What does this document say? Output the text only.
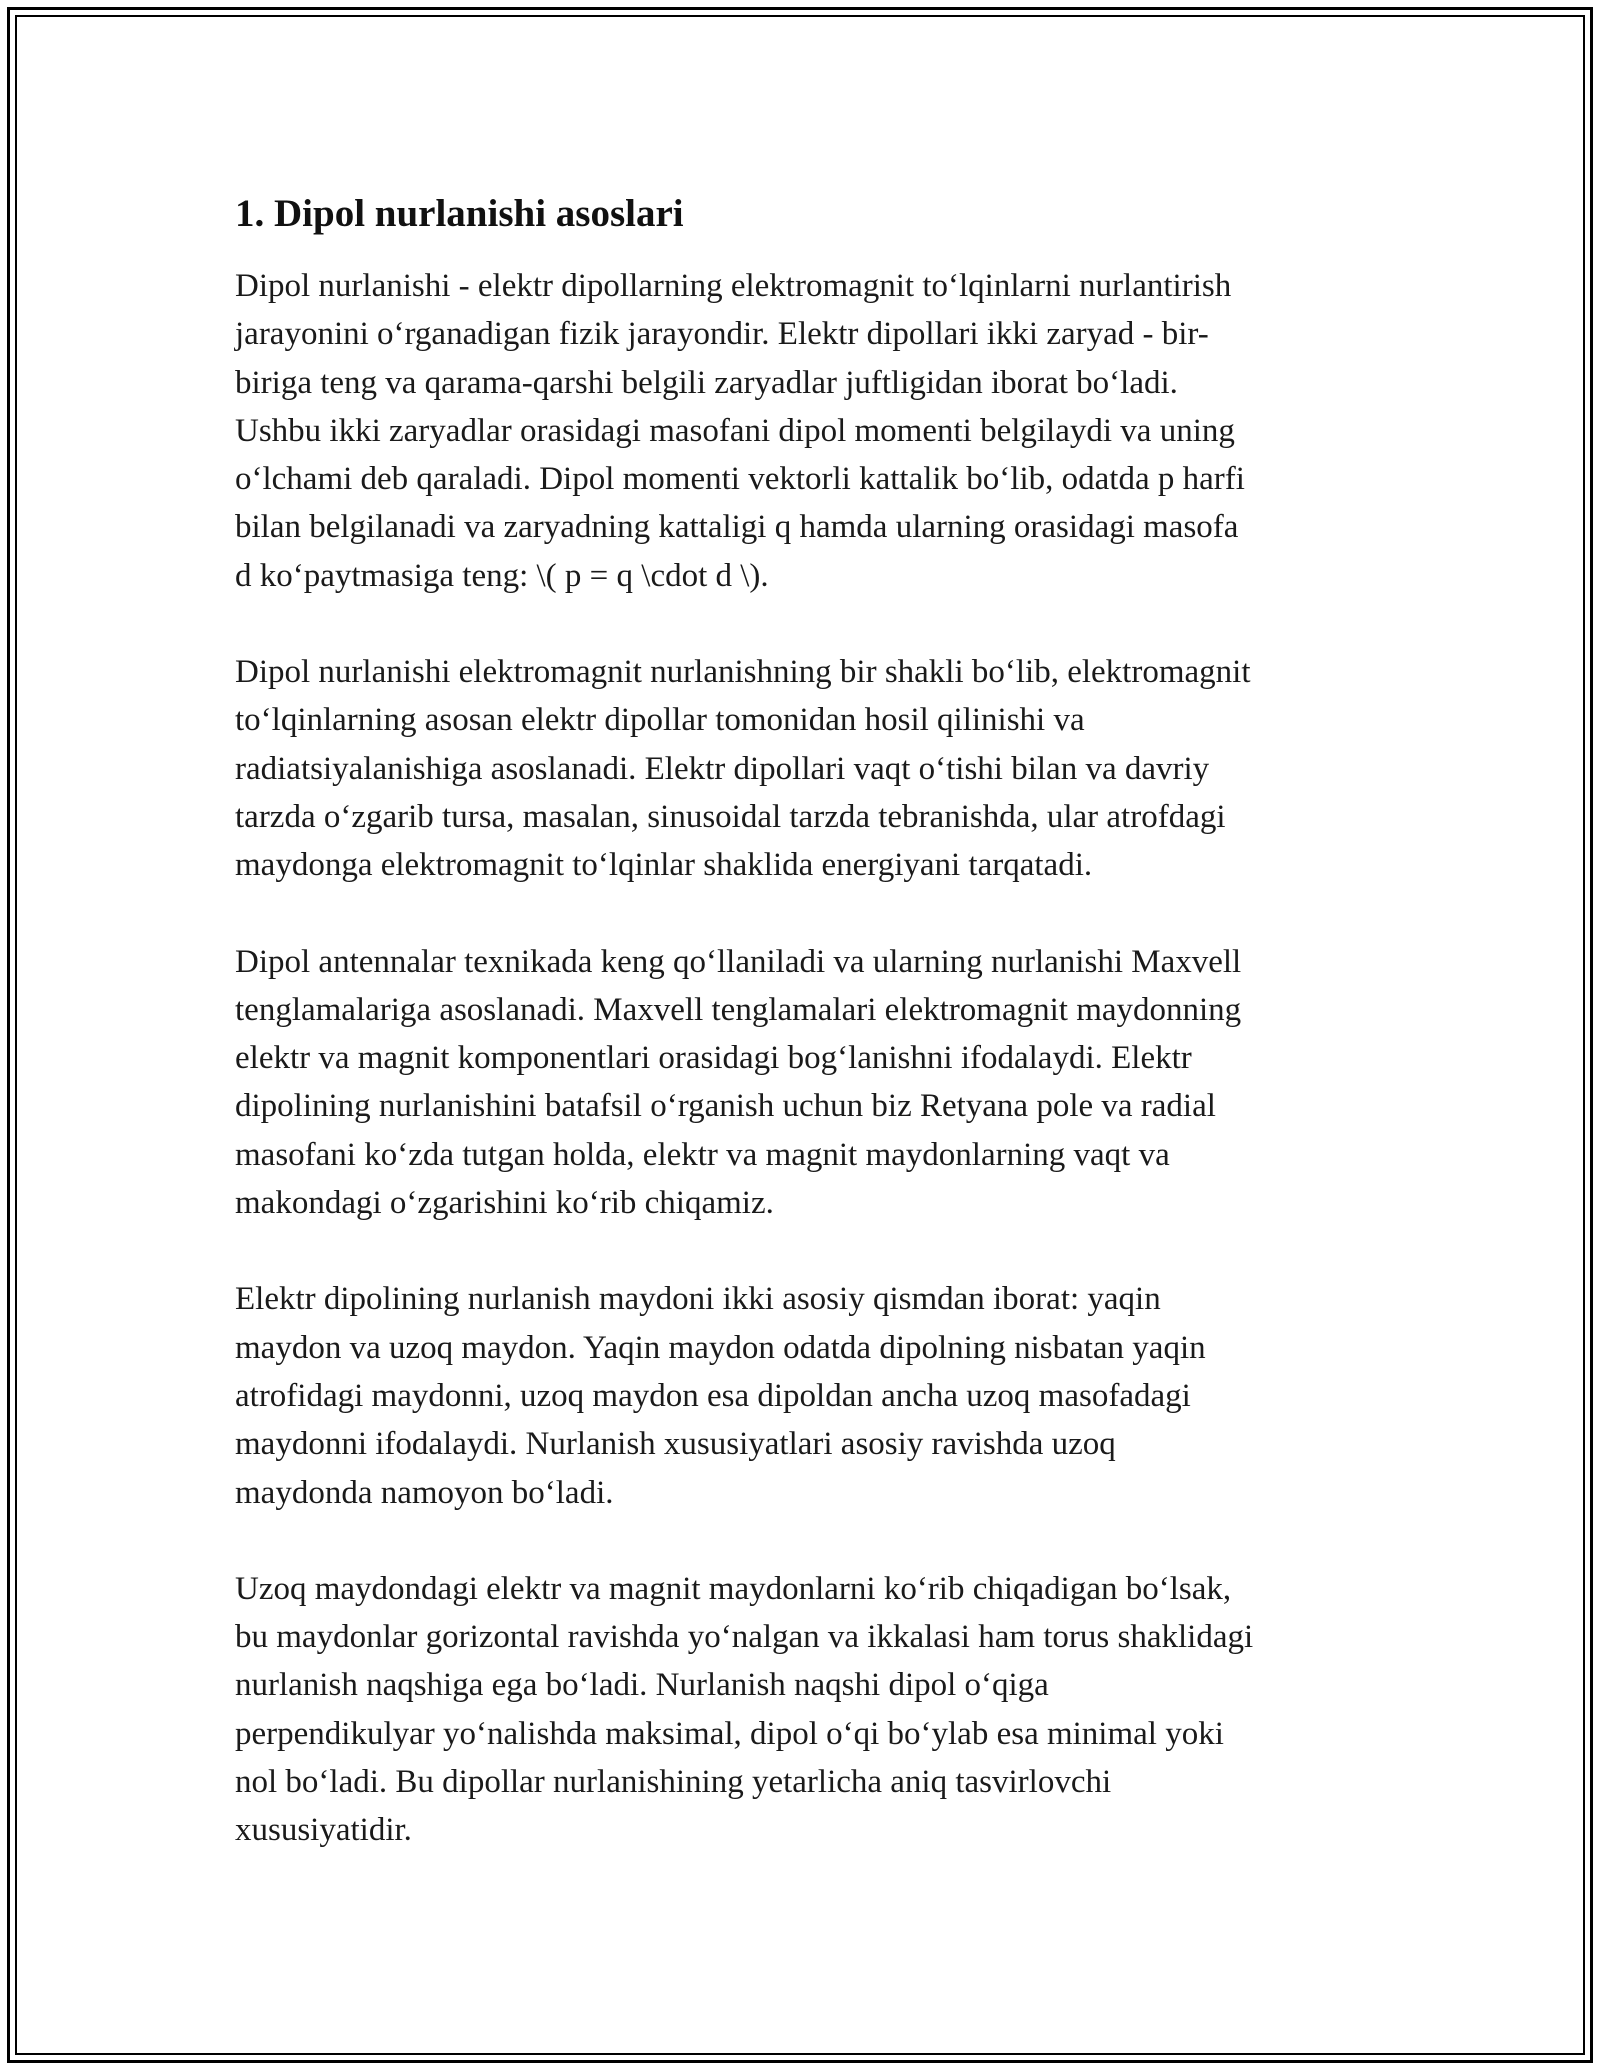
1. Dipol nurlanishi asoslari
Dipol nurlanishi - elektr dipollarning elektromagnit to‘lqinlarni nurlantirish
jarayonini o‘rganadigan fizik jarayondir. Elektr dipollari ikki zaryad - bir-
biriga teng va qarama-qarshi belgili zaryadlar juftligidan iborat bo‘ladi.
Ushbu ikki zaryadlar orasidagi masofani dipol momenti belgilaydi va uning
o‘lchami deb qaraladi. Dipol momenti vektorli kattalik bo‘lib, odatda p harfi
bilan belgilanadi va zaryadning kattaligi q hamda ularning orasidagi masofa
d ko‘paytmasiga teng: \( p = q \cdot d \).
Dipol nurlanishi elektromagnit nurlanishning bir shakli bo‘lib, elektromagnit
to‘lqinlarning asosan elektr dipollar tomonidan hosil qilinishi va
radiatsiyalanishiga asoslanadi. Elektr dipollari vaqt o‘tishi bilan va davriy
tarzda o‘zgarib tursa, masalan, sinusoidal tarzda tebranishda, ular atrofdagi
maydonga elektromagnit to‘lqinlar shaklida energiyani tarqatadi.
Dipol antennalar texnikada keng qo‘llaniladi va ularning nurlanishi Maxvell
tenglamalariga asoslanadi. Maxvell tenglamalari elektromagnit maydonning
elektr va magnit komponentlari orasidagi bog‘lanishni ifodalaydi. Elektr
dipolining nurlanishini batafsil o‘rganish uchun biz Retyana pole va radial
masofani ko‘zda tutgan holda, elektr va magnit maydonlarning vaqt va
makondagi o‘zgarishini ko‘rib chiqamiz.
Elektr dipolining nurlanish maydoni ikki asosiy qismdan iborat: yaqin
maydon va uzoq maydon. Yaqin maydon odatda dipolning nisbatan yaqin
atrofidagi maydonni, uzoq maydon esa dipoldan ancha uzoq masofadagi
maydonni ifodalaydi. Nurlanish xususiyatlari asosiy ravishda uzoq
maydonda namoyon bo‘ladi.
Uzoq maydondagi elektr va magnit maydonlarni ko‘rib chiqadigan bo‘lsak,
bu maydonlar gorizontal ravishda yo‘nalgan va ikkalasi ham torus shaklidagi
nurlanish naqshiga ega bo‘ladi. Nurlanish naqshi dipol o‘qiga
perpendikulyar yo‘nalishda maksimal, dipol o‘qi bo‘ylab esa minimal yoki
nol bo‘ladi. Bu dipollar nurlanishining yetarlicha aniq tasvirlovchi
xususiyatidir.
